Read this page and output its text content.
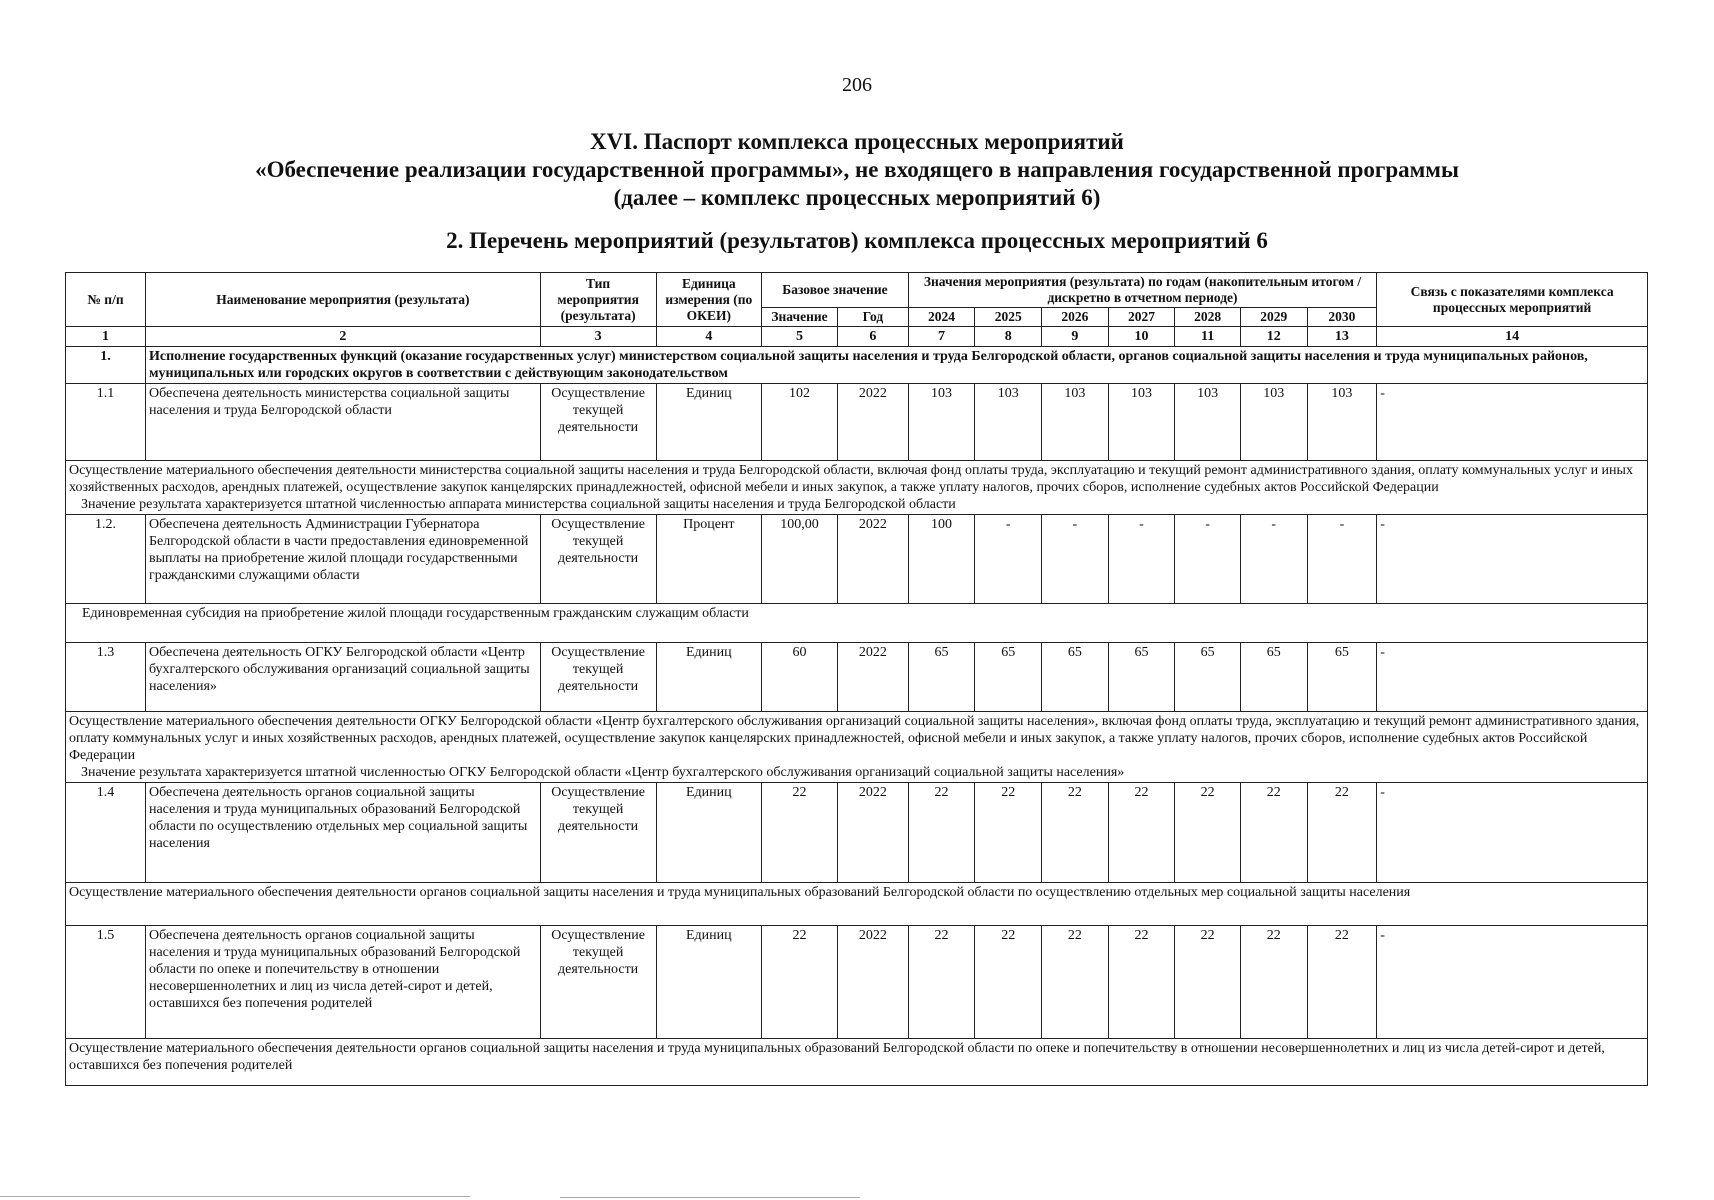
206
XVI. Паспорт комплекса процессных мероприятий
«Обеспечение реализации государственной программы», не входящего в направления государственной программы
(далее – комплекс процессных мероприятий 6)
2. Перечень мероприятий (результатов) комплекса процессных мероприятий 6
№ п/п	Наименование мероприятия (результата)	Тип мероприятия (результата)	Единица измерения (по ОКЕИ)	Базовое значение		Значения мероприятия (результата) по годам (накопительным итогом / дискретно в отчетном периоде)							Связь с показателями комплекса процессных мероприятий
				Значение	Год	2024	2025	2026	2027	2028	2029	2030	
1	2	3	4	5	6	7	8	9	10	11	12	13	14
1.	Исполнение государственных функций (оказание государственных услуг) министерством социальной защиты населения и труда Белгородской области, органов социальной защиты населения и труда муниципальных районов, муниципальных или городских округов в соответствии с действующим законодательством												
1.1	Обеспечена деятельность министерства социальной защиты населения и труда Белгородской области	Осуществление текущей деятельности	Единиц	102	2022	103	103	103	103	103	103	103	-

Осуществление материального обеспечения деятельности министерства социальной защиты населения и труда Белгородской области, включая фонд оплаты труда, эксплуатацию и текущий ремонт административного здания, оплату коммунальных услуг и иных хозяйственных расходов, арендных платежей, осуществление закупок канцелярских принадлежностей, офисной мебели и иных закупок, а также уплату налогов, прочих сборов, исполнение судебных актов Российской Федерации
Значение результата характеризуется штатной численностью аппарата министерства социальной защиты населения и труда Белгородской области													

1.2.	Обеспечена деятельность Администрации Губернатора Белгородской области в части предоставления единовременной выплаты на приобретение жилой площади государственными гражданскими служащими области	Осуществление текущей деятельности	Процент	100,00	2022	100	-	-	-	-	-	-	-
Единовременная субсидия на приобретение жилой площади государственным гражданским служащим области													
1.3	Обеспечена деятельность ОГКУ Белгородской области «Центр бухгалтерского обслуживания организаций социальной защиты населения»	Осуществление текущей деятельности	Единиц	60	2022	65	65	65	65	65	65	65	-

Осуществление материального обеспечения деятельности ОГКУ Белгородской области «Центр бухгалтерского обслуживания организаций социальной защиты населения», включая фонд оплаты труда, эксплуатацию и текущий ремонт административного здания, оплату коммунальных услуг и иных хозяйственных расходов, арендных платежей, осуществление закупок канцелярских принадлежностей, офисной мебели и иных закупок, а также уплату налогов, прочих сборов, исполнение судебных актов Российской Федерации
Значение результата характеризуется штатной численностью ОГКУ Белгородской области «Центр бухгалтерского обслуживания организаций социальной защиты населения»													

1.4	Обеспечена деятельность органов социальной защиты населения и труда муниципальных образований Белгородской области по осуществлению отдельных мер социальной защиты населения	Осуществление текущей деятельности	Единиц	22	2022	22	22	22	22	22	22	22	-
Осуществление материального обеспечения деятельности органов социальной защиты населения и труда муниципальных образований Белгородской области по осуществлению отдельных мер социальной защиты населения													
1.5	Обеспечена деятельность органов социальной защиты населения и труда муниципальных образований Белгородской области по опеке и попечительству в отношении несовершеннолетних и лиц из числа детей-сирот и детей, оставшихся без попечения родителей	Осуществление текущей деятельности	Единиц	22	2022	22	22	22	22	22	22	22	-
Осуществление материального обеспечения деятельности органов социальной защиты населения и труда муниципальных образований Белгородской области по опеке и попечительству в отношении несовершеннолетних и лиц из числа детей-сирот и детей, оставшихся без попечения родителей													
